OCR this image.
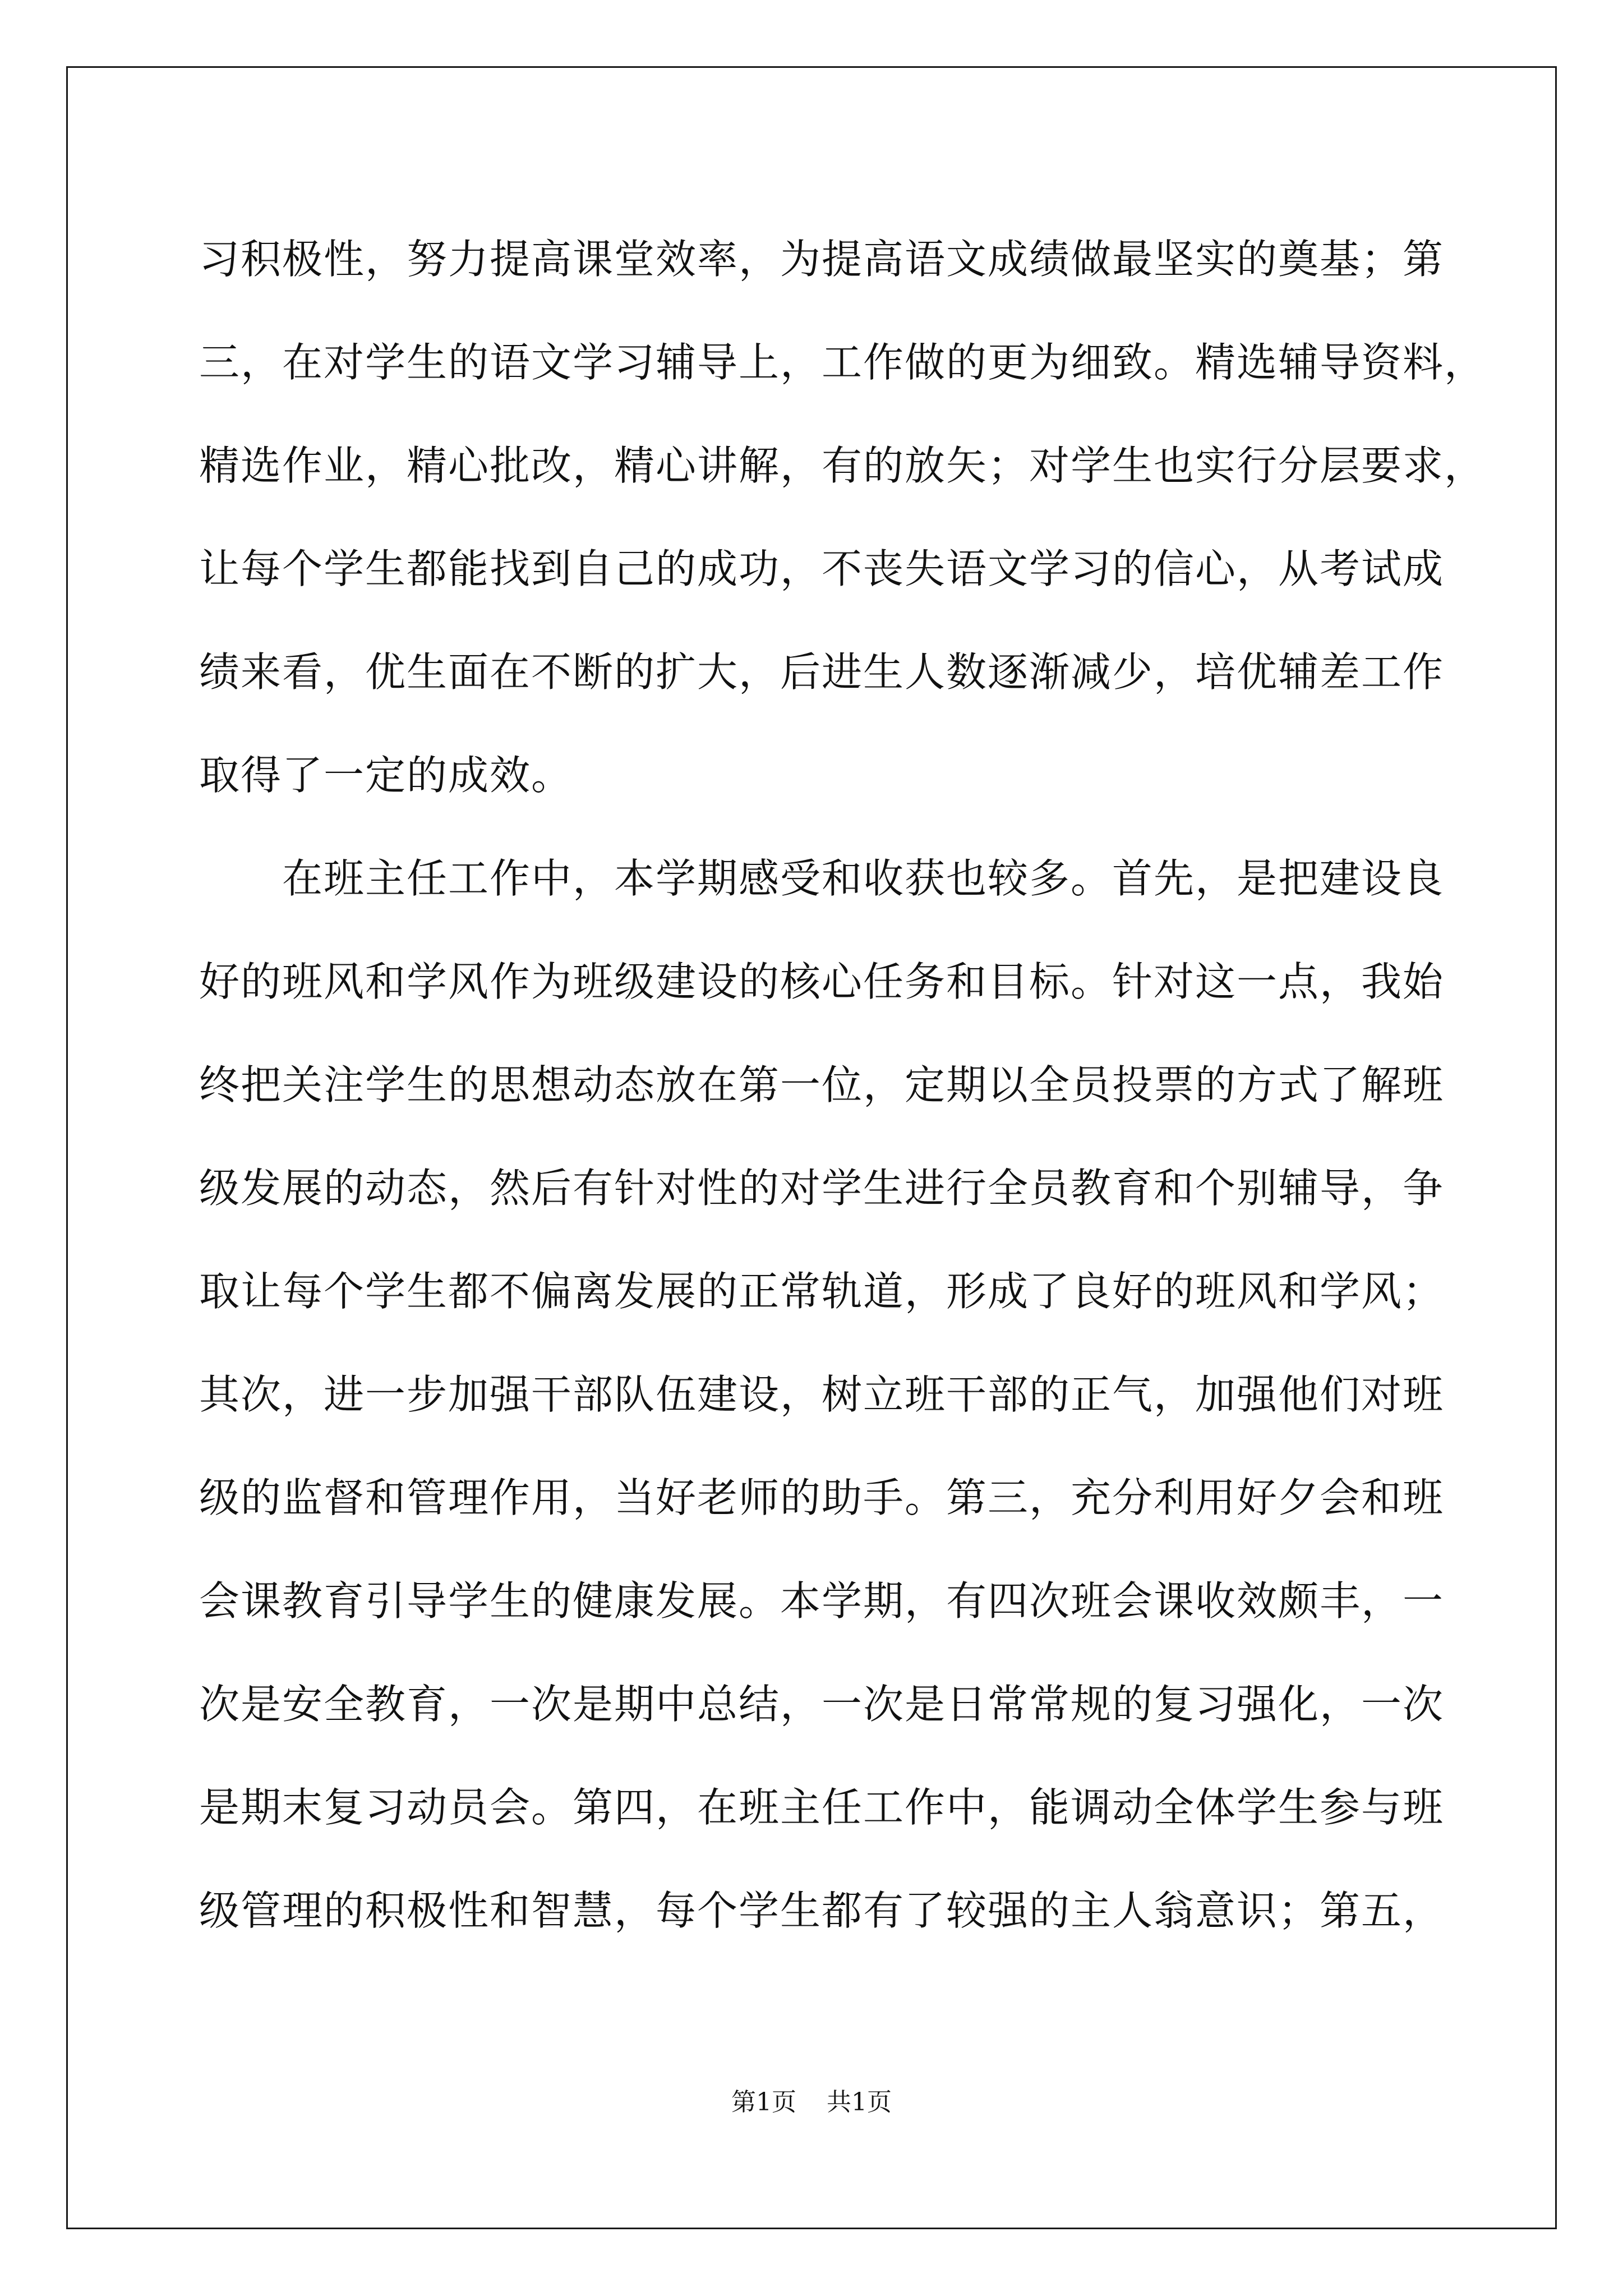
习积极性，努力提高课堂效率，为提高语文成绩做最坚实的奠基；第
三，在对学生的语文学习辅导上，工作做的更为细致。精选辅导资料，
精选作业，精心批改，精心讲解，有的放矢；对学生也实行分层要求，
让每个学生都能找到自己的成功，不丧失语文学习的信心，从考试成
绩来看，优生面在不断的扩大，后进生人数逐渐减少，培优辅差工作
取得了一定的成效。
　　在班主任工作中，本学期感受和收获也较多。首先，是把建设良
好的班风和学风作为班级建设的核心任务和目标。针对这一点，我始
终把关注学生的思想动态放在第一位，定期以全员投票的方式了解班
级发展的动态，然后有针对性的对学生进行全员教育和个别辅导，争
取让每个学生都不偏离发展的正常轨道，形成了良好的班风和学风；
其次，进一步加强干部队伍建设，树立班干部的正气，加强他们对班
级的监督和管理作用，当好老师的助手。第三，充分利用好夕会和班
会课教育引导学生的健康发展。本学期，有四次班会课收效颇丰，一
次是安全教育，一次是期中总结，一次是日常常规的复习强化，一次
是期末复习动员会。第四，在班主任工作中，能调动全体学生参与班
级管理的积极性和智慧，每个学生都有了较强的主人翁意识；第五，
第1页 共1页
